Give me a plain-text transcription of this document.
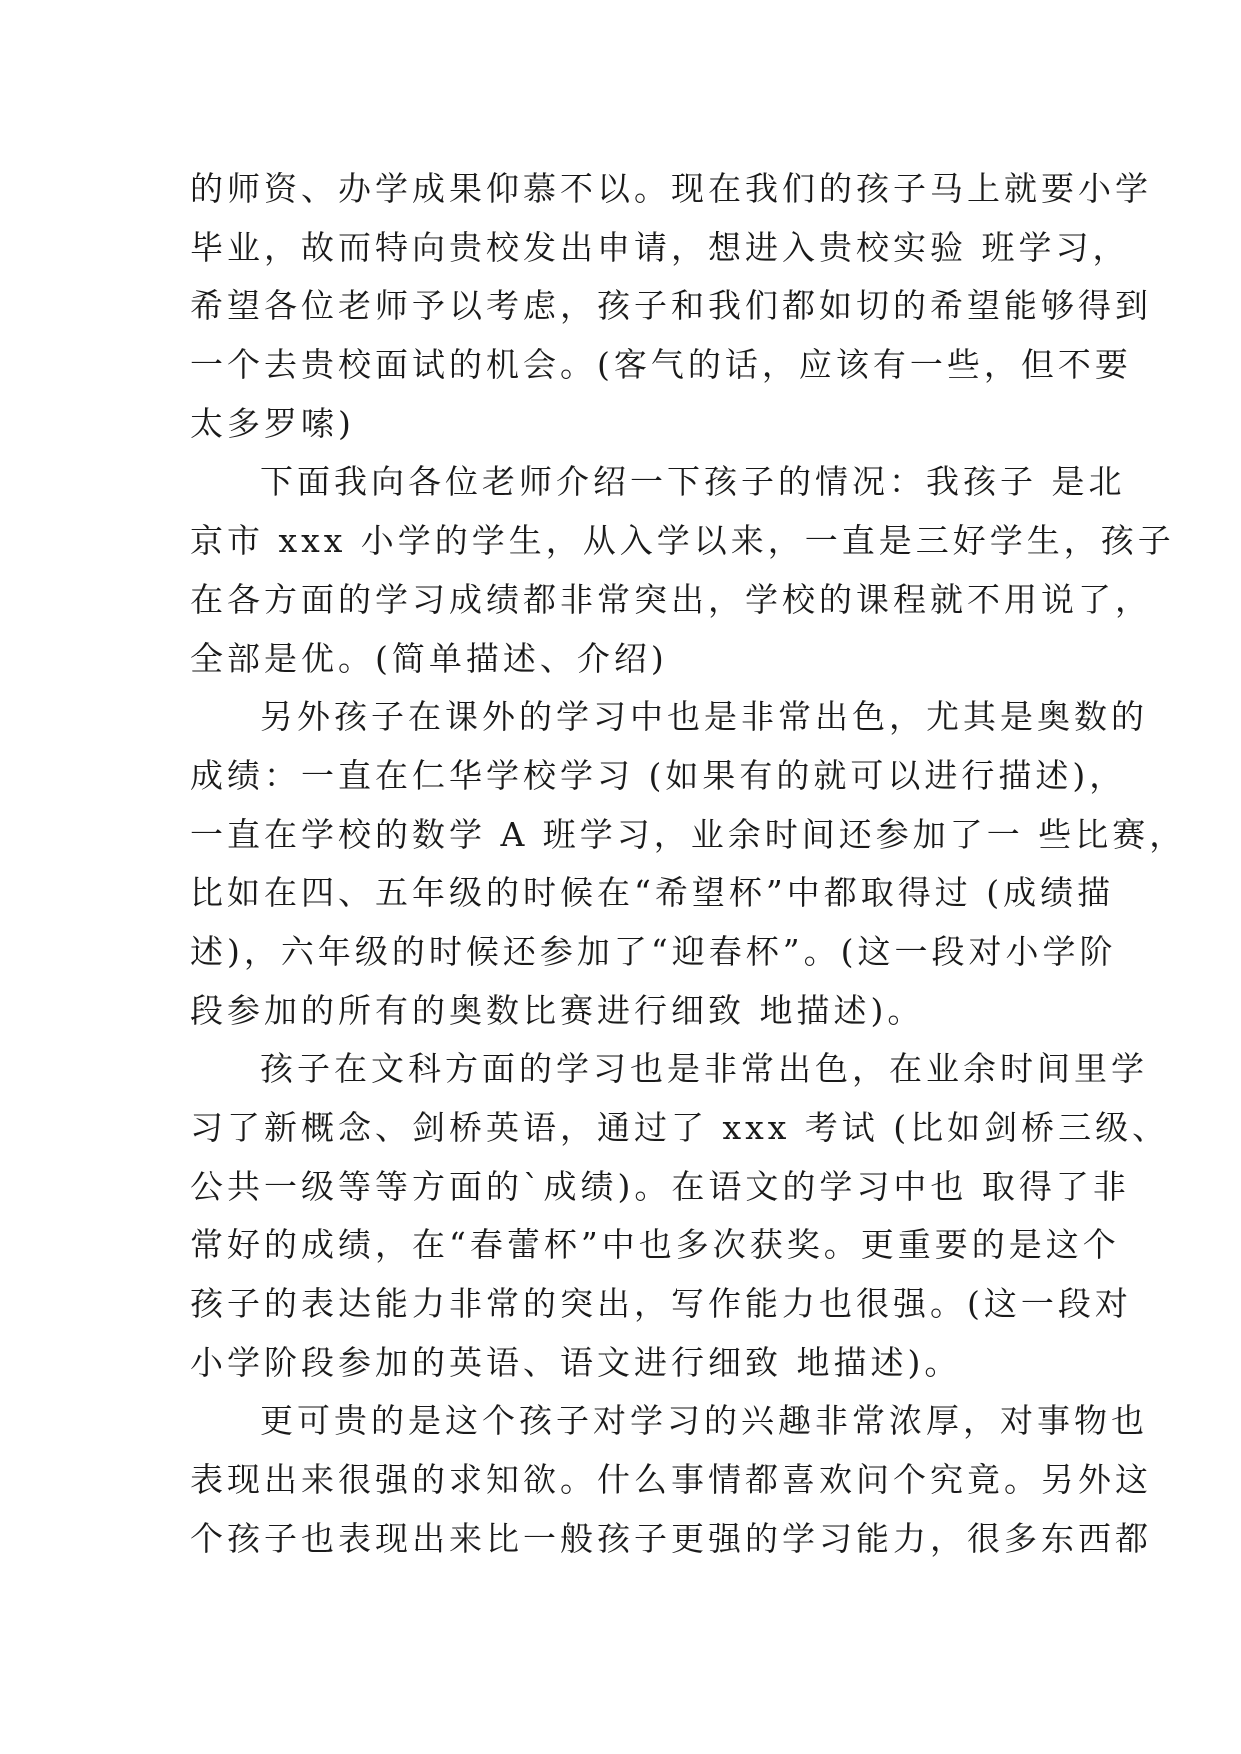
的师资、办学成果仰慕不以。现在我们的孩子马上就要小学
毕业，故而特向贵校发出申请，想进入贵校实验 班学习，
希望各位老师予以考虑，孩子和我们都如切的希望能够得到
一个去贵校面试的机会。(客气的话，应该有一些，但不要
太多罗嗦)
下面我向各位老师介绍一下孩子的情况：我孩子 是北
京市 xxx 小学的学生，从入学以来，一直是三好学生，孩子
在各方面的学习成绩都非常突出，学校的课程就不用说了，
全部是优。(简单描述、介绍)
另外孩子在课外的学习中也是非常出色，尤其是奥数的
成绩：一直在仁华学校学习 (如果有的就可以进行描述)，
一直在学校的数学 A 班学习，业余时间还参加了一 些比赛，
比如在四、五年级的时候在“希望杯”中都取得过 (成绩描
述)，六年级的时候还参加了“迎春杯”。(这一段对小学阶
段参加的所有的奥数比赛进行细致 地描述)。
孩子在文科方面的学习也是非常出色，在业余时间里学
习了新概念、剑桥英语，通过了 xxx 考试 (比如剑桥三级、
公共一级等等方面的`成绩)。在语文的学习中也 取得了非
常好的成绩，在“春蕾杯”中也多次获奖。更重要的是这个
孩子的表达能力非常的突出，写作能力也很强。(这一段对
小学阶段参加的英语、语文进行细致 地描述)。
更可贵的是这个孩子对学习的兴趣非常浓厚，对事物也
表现出来很强的求知欲。什么事情都喜欢问个究竟。另外这
个孩子也表现出来比一般孩子更强的学习能力，很多东西都
